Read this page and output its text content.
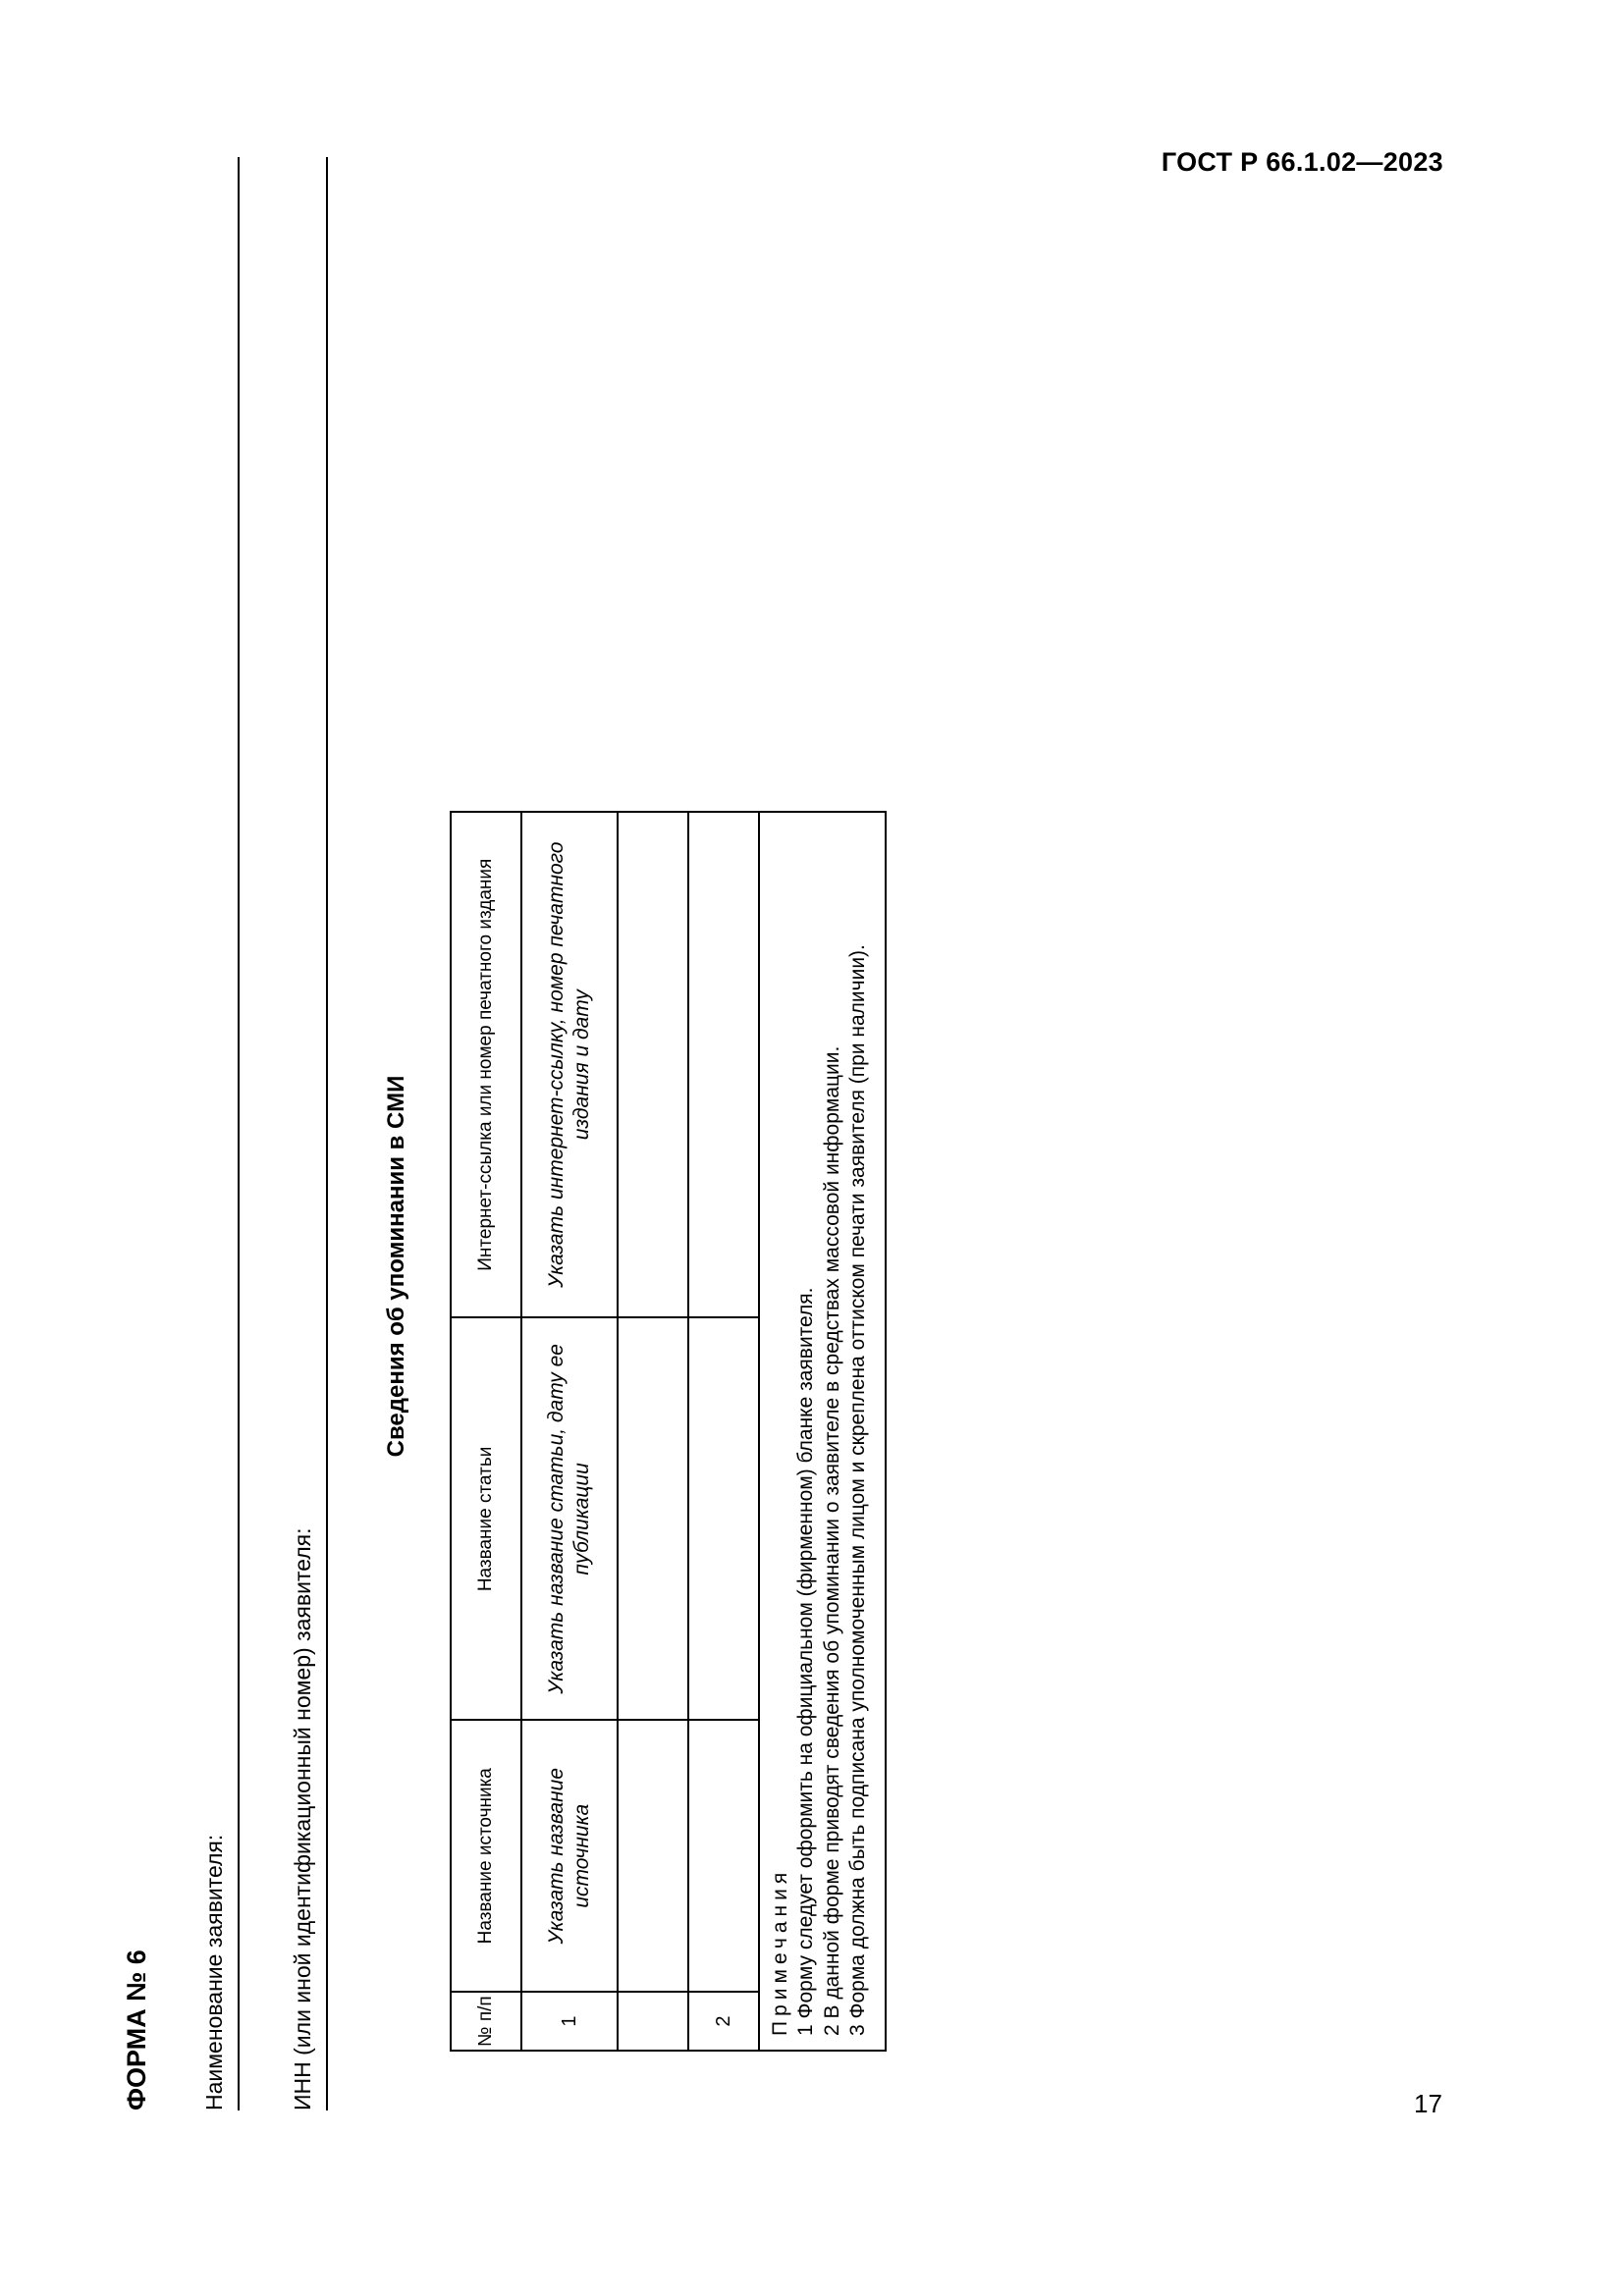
ГОСТ Р 66.1.02—2023
ФОРМА № 6 Наименование заявителя:	ИНН (или иной идентификационный номер) заявителя:
Сведения об упоминании в СМИ
№ п/п	Название источника	Название статьи	Интернет-ссылка или номер печатного издания
1	Указать название источника	Указать название статьи, дату ее публикации	Указать интернет-ссылку, номер печатного издания и дату

2			

Примечания 1 Форму следует оформить на официальном (фирменном) бланке заявителя. 2 В данной форме приводят сведения об упоминании о заявителе в средствах массовой информации. 3 Форма должна быть подписана уполномоченным лицом и скреплена оттиском печати заявителя (при наличии).			
17
